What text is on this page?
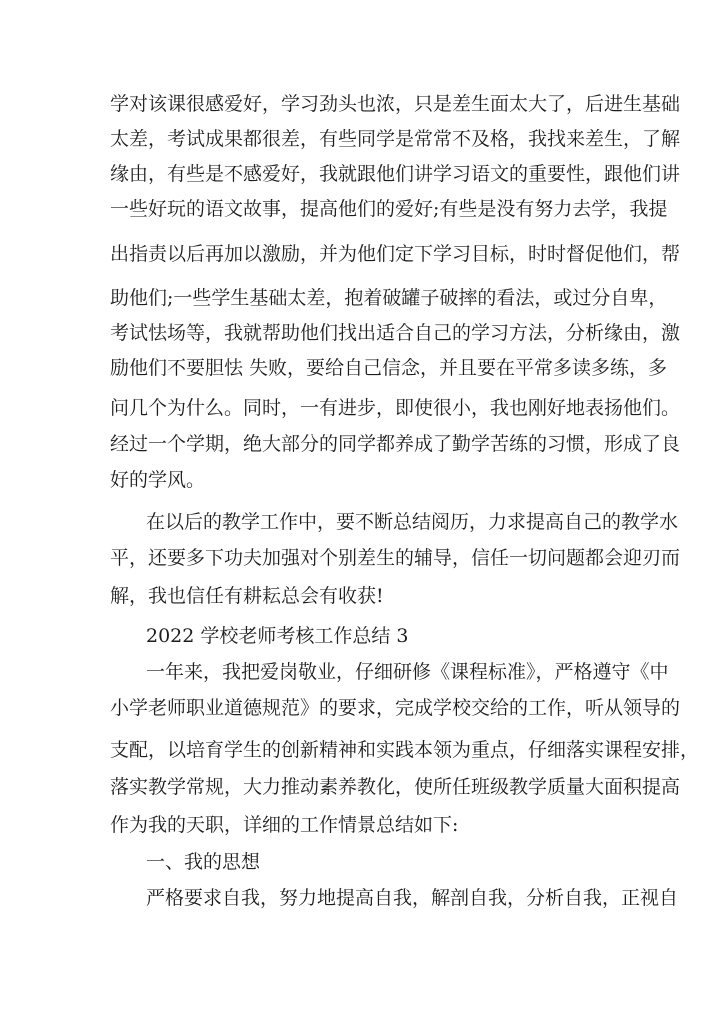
学对该课很感爱好，学习劲头也浓，只是差生面太大了，后进生基础
太差，考试成果都很差，有些同学是常常不及格，我找来差生，了解
缘由，有些是不感爱好，我就跟他们讲学习语文的重要性，跟他们讲
一些好玩的语文故事，提高他们的爱好;有些是没有努力去学，我提
出指责以后再加以激励，并为他们定下学习目标，时时督促他们，帮
助他们;一些学生基础太差，抱着破罐子破摔的看法，或过分自卑，
考试怯场等，我就帮助他们找出适合自己的学习方法，分析缘由，激
励他们不要胆怯 失败，要给自己信念，并且要在平常多读多练，多
问几个为什么。同时，一有进步，即使很小，我也刚好地表扬他们。
经过一个学期，绝大部分的同学都养成了勤学苦练的习惯，形成了良
好的学风。
在以后的教学工作中，要不断总结阅历，力求提高自己的教学水
平，还要多下功夫加强对个别差生的辅导，信任一切问题都会迎刃而
解，我也信任有耕耘总会有收获!
2022 学校老师考核工作总结 3
一年来，我把爱岗敬业，仔细研修《课程标准》，严格遵守《中
小学老师职业道德规范》的要求，完成学校交给的工作，听从领导的
支配，以培育学生的创新精神和实践本领为重点，仔细落实课程安排，
落实教学常规，大力推动素养教化，使所任班级教学质量大面积提高
作为我的天职，详细的工作情景总结如下:
一、我的思想
严格要求自我，努力地提高自我，解剖自我，分析自我，正视自
